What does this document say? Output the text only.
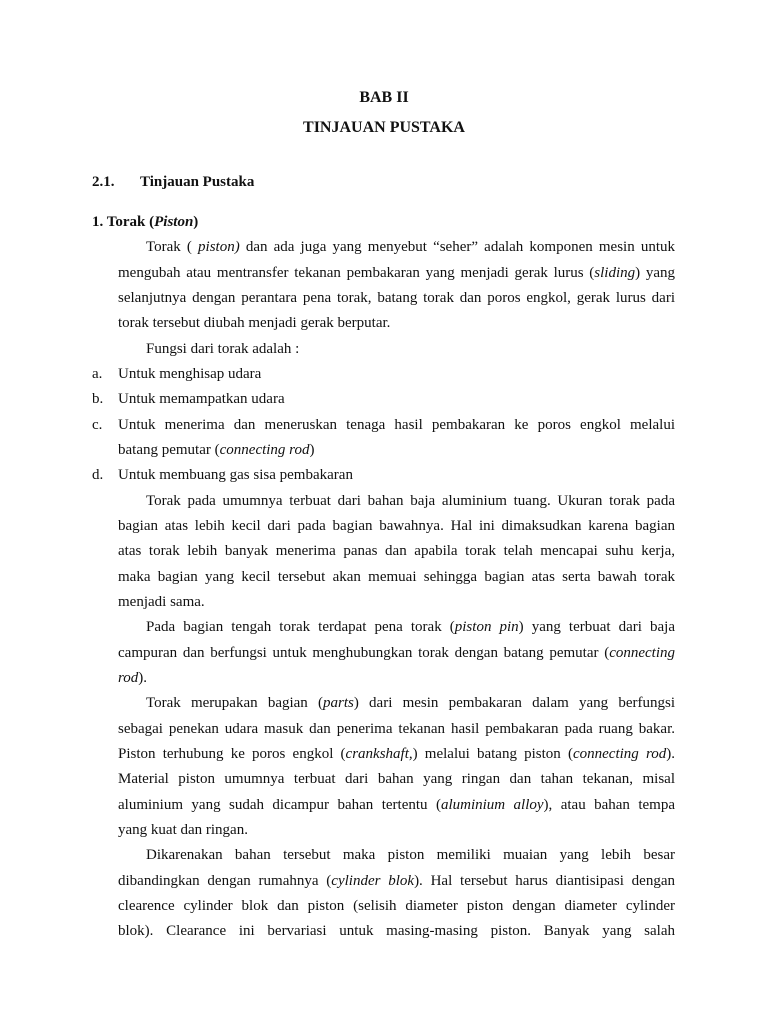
BAB II
TINJAUAN PUSTAKA
2.1. Tinjauan Pustaka
1. Torak (Piston)
Torak ( piston) dan ada juga yang menyebut “seher” adalah komponen mesin untuk
mengubah atau mentransfer tekanan pembakaran yang menjadi gerak lurus (sliding) yang
selanjutnya dengan perantara pena torak, batang torak dan poros engkol, gerak lurus dari
torak tersebut diubah menjadi gerak berputar.
Fungsi dari torak adalah :
a. Untuk menghisap udara
b. Untuk memampatkan udara
c. Untuk menerima dan meneruskan tenaga hasil pembakaran ke poros engkol melalui
batang pemutar (connecting rod)
d. Untuk membuang gas sisa pembakaran
Torak pada umumnya terbuat dari bahan baja aluminium tuang. Ukuran torak pada
bagian atas lebih kecil dari pada bagian bawahnya. Hal ini dimaksudkan karena bagian
atas torak lebih banyak menerima panas dan apabila torak telah mencapai suhu kerja,
maka bagian yang kecil tersebut akan memuai sehingga bagian atas serta bawah torak
menjadi sama.
Pada bagian tengah torak terdapat pena torak (piston pin) yang terbuat dari baja
campuran dan berfungsi untuk menghubungkan torak dengan batang pemutar (connecting
rod).
Torak merupakan bagian (parts) dari mesin pembakaran dalam yang berfungsi
sebagai penekan udara masuk dan penerima tekanan hasil pembakaran pada ruang bakar.
Piston terhubung ke poros engkol (crankshaft,) melalui batang piston (connecting rod).
Material piston umumnya terbuat dari bahan yang ringan dan tahan tekanan, misal
aluminium yang sudah dicampur bahan tertentu (aluminium alloy), atau bahan tempa
yang kuat dan ringan.
Dikarenakan bahan tersebut maka piston memiliki muaian yang lebih besar
dibandingkan dengan rumahnya (cylinder blok). Hal tersebut harus diantisipasi dengan
clearence cylinder blok dan piston (selisih diameter piston dengan diameter cylinder
blok). Clearance ini bervariasi untuk masing-masing piston. Banyak yang salah
